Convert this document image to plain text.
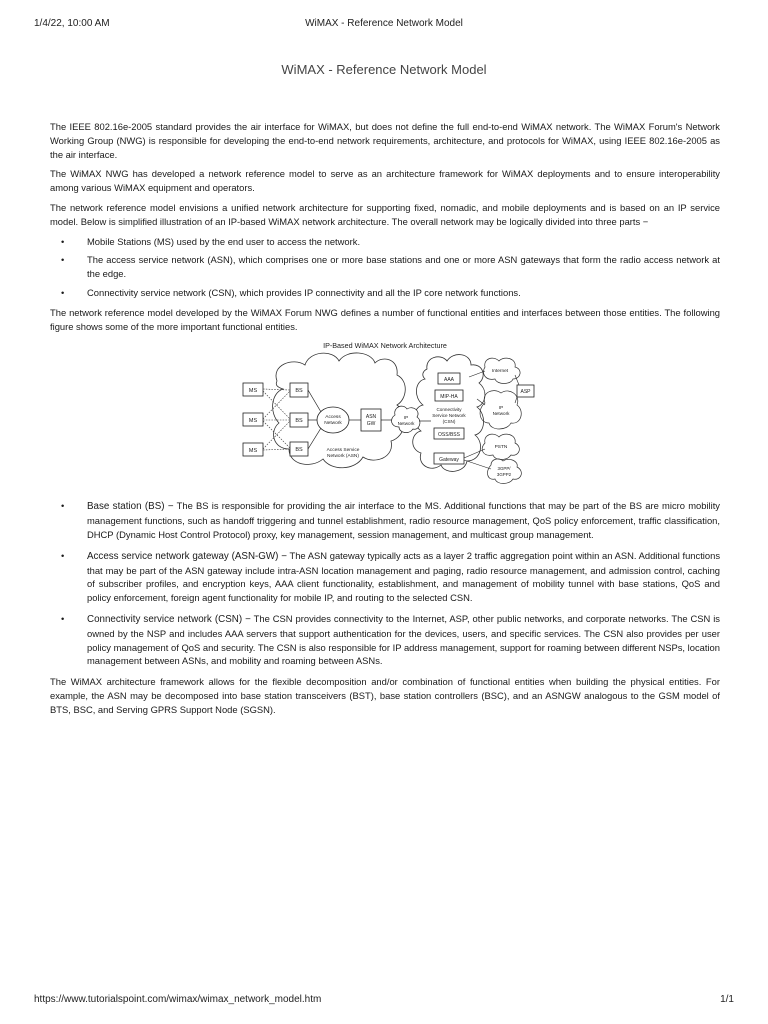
1/4/22, 10:00 AM	WiMAX - Reference Network Model
WiMAX - Reference Network Model

The IEEE 802.16e-2005 standard provides the air interface for WiMAX, but does not define the full end-to-end WiMAX network. The WiMAX Forum's Network Working Group (NWG) is responsible for developing the end-to-end network requirements, architecture, and protocols for WiMAX, using IEEE 802.16e-2005 as the air interface.

The WiMAX NWG has developed a network reference model to serve as an architecture framework for WiMAX deployments and to ensure interoperability among various WiMAX equipment and operators.

The network reference model envisions a unified network architecture for supporting fixed, nomadic, and mobile deployments and is based on an IP service model. Below is simplified illustration of an IP-based WiMAX network architecture. The overall network may be logically divided into three parts −

• Mobile Stations (MS) used by the end user to access the network.
• The access service network (ASN), which comprises one or more base stations and one or more ASN gateways that form the radio access network at the edge.
• Connectivity service network (CSN), which provides IP connectivity and all the IP core network functions.

The network reference model developed by the WiMAX Forum NWG defines a number of functional entities and interfaces between those entities. The following figure shows some of the more important functional entities.

IP-Based WiMAX Network Architecture
MS
MS
MS
BS
BS
BS
Access
Network
ASN
GW
Access Service
Network (ASN)
IP
Network
AAA
MIP-HA
Connectivity
Service Network
(CSN)
OSS/BSS
Gateway
Internet
ASP
IP
Network
PSTN
3GPP/
3GPP2
• Base station (BS) − The BS is responsible for providing the air interface to the MS. Additional functions that may be part of the BS are micro mobility management functions, such as handoff triggering and tunnel establishment, radio resource management, QoS policy enforcement, traffic classification, DHCP (Dynamic Host Control Protocol) proxy, key management, session management, and multicast group management.
• Access service network gateway (ASN-GW) − The ASN gateway typically acts as a layer 2 traffic aggregation point within an ASN. Additional functions that may be part of the ASN gateway include intra-ASN location management and paging, radio resource management, and admission control, caching of subscriber profiles, and encryption keys, AAA client functionality, establishment, and management of mobility tunnel with base stations, QoS and policy enforcement, foreign agent functionality for mobile IP, and routing to the selected CSN.
• Connectivity service network (CSN) − The CSN provides connectivity to the Internet, ASP, other public networks, and corporate networks. The CSN is owned by the NSP and includes AAA servers that support authentication for the devices, users, and specific services. The CSN also provides per user policy management of QoS and security. The CSN is also responsible for IP address management, support for roaming between different NSPs, location management between ASNs, and mobility and roaming between ASNs.

The WiMAX architecture framework allows for the flexible decomposition and/or combination of functional entities when building the physical entities. For example, the ASN may be decomposed into base station transceivers (BST), base station controllers (BSC), and an ASNGW analogous to the GSM model of BTS, BSC, and Serving GPRS Support Node (SGSN).

https://www.tutorialspoint.com/wimax/wimax_network_model.htm	1/1
